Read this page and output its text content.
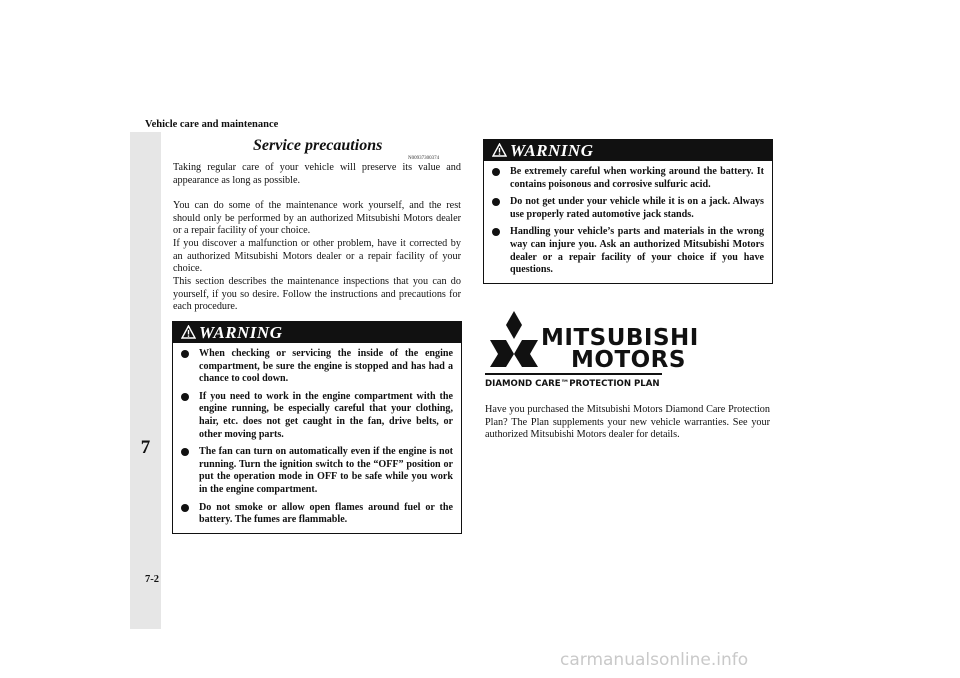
Vehicle care and maintenance
7
7-2
Service precautions
N00937300374

Taking regular care of your vehicle will preserve its value and appearance as long as possible.

You can do some of the maintenance work yourself, and the rest should only be performed by an authorized Mitsubishi Motors dealer or a repair facility of your choice.

If you discover a malfunction or other problem, have it corrected by an authorized Mitsubishi Motors dealer or a repair facility of your choice.

This section describes the maintenance inspections that you can do yourself, if you so desire. Follow the instructions and precautions for each procedure.

WARNING
When checking or servicing the inside of the engine compartment, be sure the engine is stopped and has had a chance to cool down.
If you need to work in the engine compartment with the engine running, be especially careful that your clothing, hair, etc. does not get caught in the fan, drive belts, or other moving parts.
The fan can turn on automatically even if the engine is not running. Turn the ignition switch to the “OFF” position or put the operation mode in OFF to be safe while you work in the engine compartment.
Do not smoke or allow open flames around fuel or the battery. The fumes are flammable.
WARNING
Be extremely careful when working around the battery. It contains poisonous and corrosive sulfuric acid.
Do not get under your vehicle while it is on a jack. Always use properly rated automotive jack stands.
Handling your vehicle’s parts and materials in the wrong way can injure you. Ask an authorized Mitsubishi Motors dealer or a repair facility of your choice if you have questions.
MITSUBISHI
MOTORS
DIAMOND CARE™PROTECTION PLAN

Have you purchased the Mitsubishi Motors Diamond Care Protection Plan? The Plan supplements your new vehicle warranties. See your authorized Mitsubishi Motors dealer for details.

carmanualsonline.info
